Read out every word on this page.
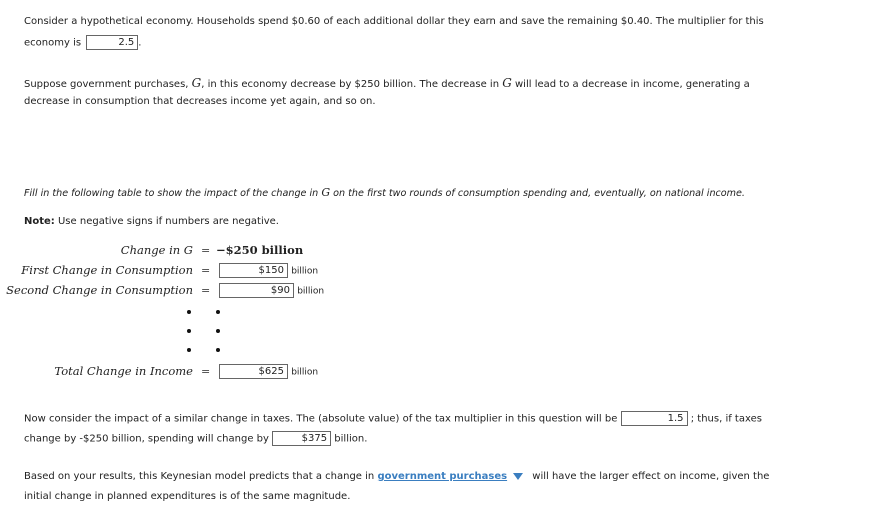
Consider a hypothetical economy. Households spend $0.60 of each additional dollar they earn and save the remaining $0.40. The multiplier for this
economy is	2.5 .
Suppose government purchases, G, in this economy decrease by $250 billion. The decrease in G will lead to a decrease in income, generating a
decrease in consumption that decreases income yet again, and so on.
Fill in the following table to show the impact of the change in G on the first two rounds of consumption spending and, eventually, on national income.
Note: Use negative signs if numbers are negative.
Change in G = −$250 billion
First Change in Consumption =	$150 billion
Second Change in Consumption =	$90 billion
Total Change in Income =	$625 billion
Now consider the impact of a similar change in taxes. The (absolute value) of the tax multiplier in this question will be	1.5 ; thus, if taxes
change by -$250 billion, spending will change by	$375 billion.
Based on your results, this Keynesian model predicts that a change in government purchases	will have the larger effect on income, given the
initial change in planned expenditures is of the same magnitude.
